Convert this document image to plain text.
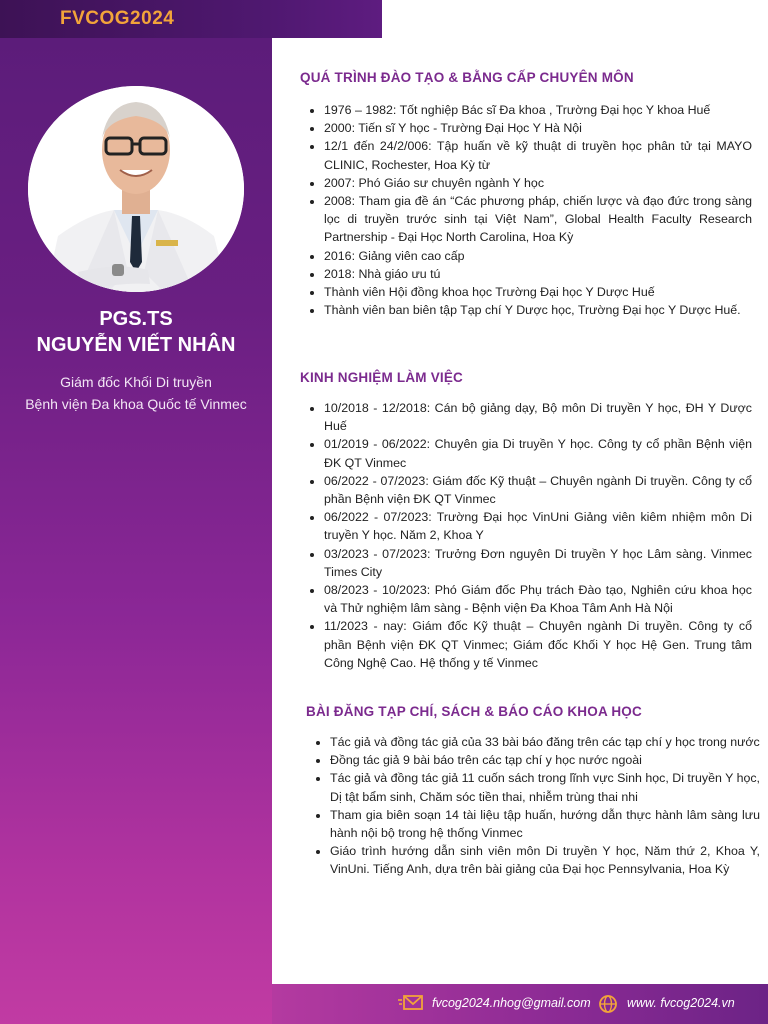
FVCOG2024
PGS.TS
NGUYỄN VIẾT NHÂN
Giám đốc Khối Di truyền
Bệnh viện Đa khoa Quốc tế Vinmec
QUÁ TRÌNH ĐÀO TẠO & BẰNG CẤP CHUYÊN MÔN
• 1976 – 1982: Tốt nghiệp Bác sĩ Đa khoa , Trường Đại học Y khoa Huế
• 2000: Tiến sĩ Y học - Trường Đại Học Y Hà Nội
• 12/1 đến 24/2/006: Tập huấn về kỹ thuật di truyền học phân tử tại MAYO CLINIC, Rochester, Hoa Kỳ từ
• 2007: Phó Giáo sư chuyên ngành Y học
• 2008: Tham gia đề án “Các phương pháp, chiến lược và đạo đức trong sàng lọc di truyền trước sinh tại Việt Nam”, Global Health Faculty Research Partnership - Đại Học North Carolina, Hoa Kỳ
• 2016: Giảng viên cao cấp
• 2018: Nhà giáo ưu tú
• Thành viên Hội đồng khoa học Trường Đại học Y Dược Huế
• Thành viên ban biên tập Tạp chí Y Dược học, Trường Đại học Y Dược Huế.
KINH NGHIỆM LÀM VIỆC
• 10/2018 - 12/2018: Cán bộ giảng dạy, Bộ môn Di truyền Y học, ĐH Y Dược Huế
• 01/2019 - 06/2022: Chuyên gia Di truyền Y học. Công ty cổ phần Bệnh viện ĐK QT Vinmec
• 06/2022 - 07/2023: Giám đốc Kỹ thuật – Chuyên ngành Di truyền. Công ty cổ phần Bệnh viện ĐK QT Vinmec
• 06/2022 - 07/2023: Trường Đại học VinUni Giảng viên kiêm nhiệm môn Di truyền Y học. Năm 2, Khoa Y
• 03/2023 - 07/2023: Trưởng Đơn nguyên Di truyền Y học Lâm sàng. Vinmec Times City
• 08/2023 - 10/2023: Phó Giám đốc Phụ trách Đào tạo, Nghiên cứu khoa học và Thử nghiệm lâm sàng - Bệnh viện Đa Khoa Tâm Anh Hà Nội
• 11/2023 - nay: Giám đốc Kỹ thuật – Chuyên ngành Di truyền. Công ty cổ phần Bệnh viện ĐK QT Vinmec; Giám đốc Khối Y học Hệ Gen. Trung tâm Công Nghệ Cao. Hệ thống y tế Vinmec
BÀI ĐĂNG TẠP CHÍ, SÁCH & BÁO CÁO KHOA HỌC
• Tác giả và đồng tác giả của 33 bài báo đăng trên các tạp chí y học trong nước
• Đồng tác giả 9 bài báo trên các tạp chí y học nước ngoài
• Tác giả và đồng tác giả 11 cuốn sách trong lĩnh vực Sinh học, Di truyền Y học, Dị tật bẩm sinh, Chăm sóc tiền thai, nhiễm trùng thai nhi
• Tham gia biên soạn 14 tài liệu tập huấn, hướng dẫn thực hành lâm sàng lưu hành nội bộ trong hệ thống Vinmec
• Giáo trình hướng dẫn sinh viên môn Di truyền Y học, Năm thứ 2, Khoa Y, VinUni. Tiếng Anh, dựa trên bài giảng của Đại học Pennsylvania, Hoa Kỳ
fvcog2024.nhog@gmail.com	www. fvcog2024.vn
